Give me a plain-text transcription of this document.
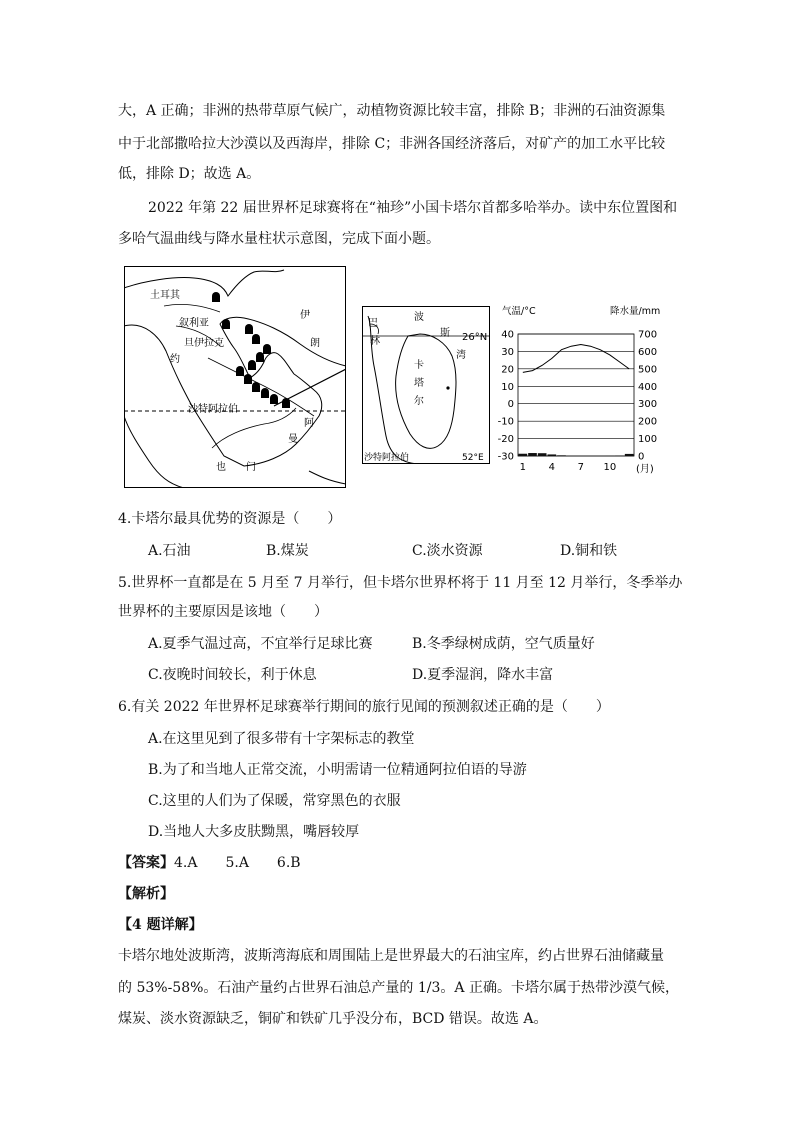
大，A 正确；非洲的热带草原气候广，动植物资源比较丰富，排除 B；非洲的石油资源集
中于北部撒哈拉大沙漠以及西海岸，排除 C；非洲各国经济落后，对矿产的加工水平比较
低，排除 D；故选 A。
2022 年第 22 届世界杯足球赛将在“袖珍”小国卡塔尔首都多哈举办。读中东位置图和
多哈气温曲线与降水量柱状示意图，完成下面小题。
土耳其
叙利亚
伊拉克
伊
朗
旦
约
沙特阿拉伯
阿
曼
也 门
波
斯
湾
巴
林
卡
塔
尔
26°N
沙特阿拉伯	52°E
40
30
20
10
0
-10
-20
-30
700
600
500
400
300
200
100
0
1 4 7 10
气温/°C	降水量/mm
(月)
4.卡塔尔最具优势的资源是（　　）
A.石油	B.煤炭	C.淡水资源	D.铜和铁
5.世界杯一直都是在 5 月至 7 月举行，但卡塔尔世界杯将于 11 月至 12 月举行，冬季举办
世界杯的主要原因是该地（　　）
A.夏季气温过高，不宜举行足球比赛	B.冬季绿树成荫，空气质量好
C.夜晚时间较长，利于休息	D.夏季湿润，降水丰富
6.有关 2022 年世界杯足球赛举行期间的旅行见闻的预测叙述正确的是（　　）
A.在这里见到了很多带有十字架标志的教堂
B.为了和当地人正常交流，小明需请一位精通阿拉伯语的导游
C.这里的人们为了保暖，常穿黑色的衣服
D.当地人大多皮肤黝黑，嘴唇较厚
【答案】4.A　　5.A　　6.B
【解析】
【4 题详解】
卡塔尔地处波斯湾，波斯湾海底和周围陆上是世界最大的石油宝库，约占世界石油储藏量
的 53%-58%。石油产量约占世界石油总产量的 1/3。A 正确。卡塔尔属于热带沙漠气候，
煤炭、淡水资源缺乏，铜矿和铁矿几乎没分布，BCD 错误。故选 A。
